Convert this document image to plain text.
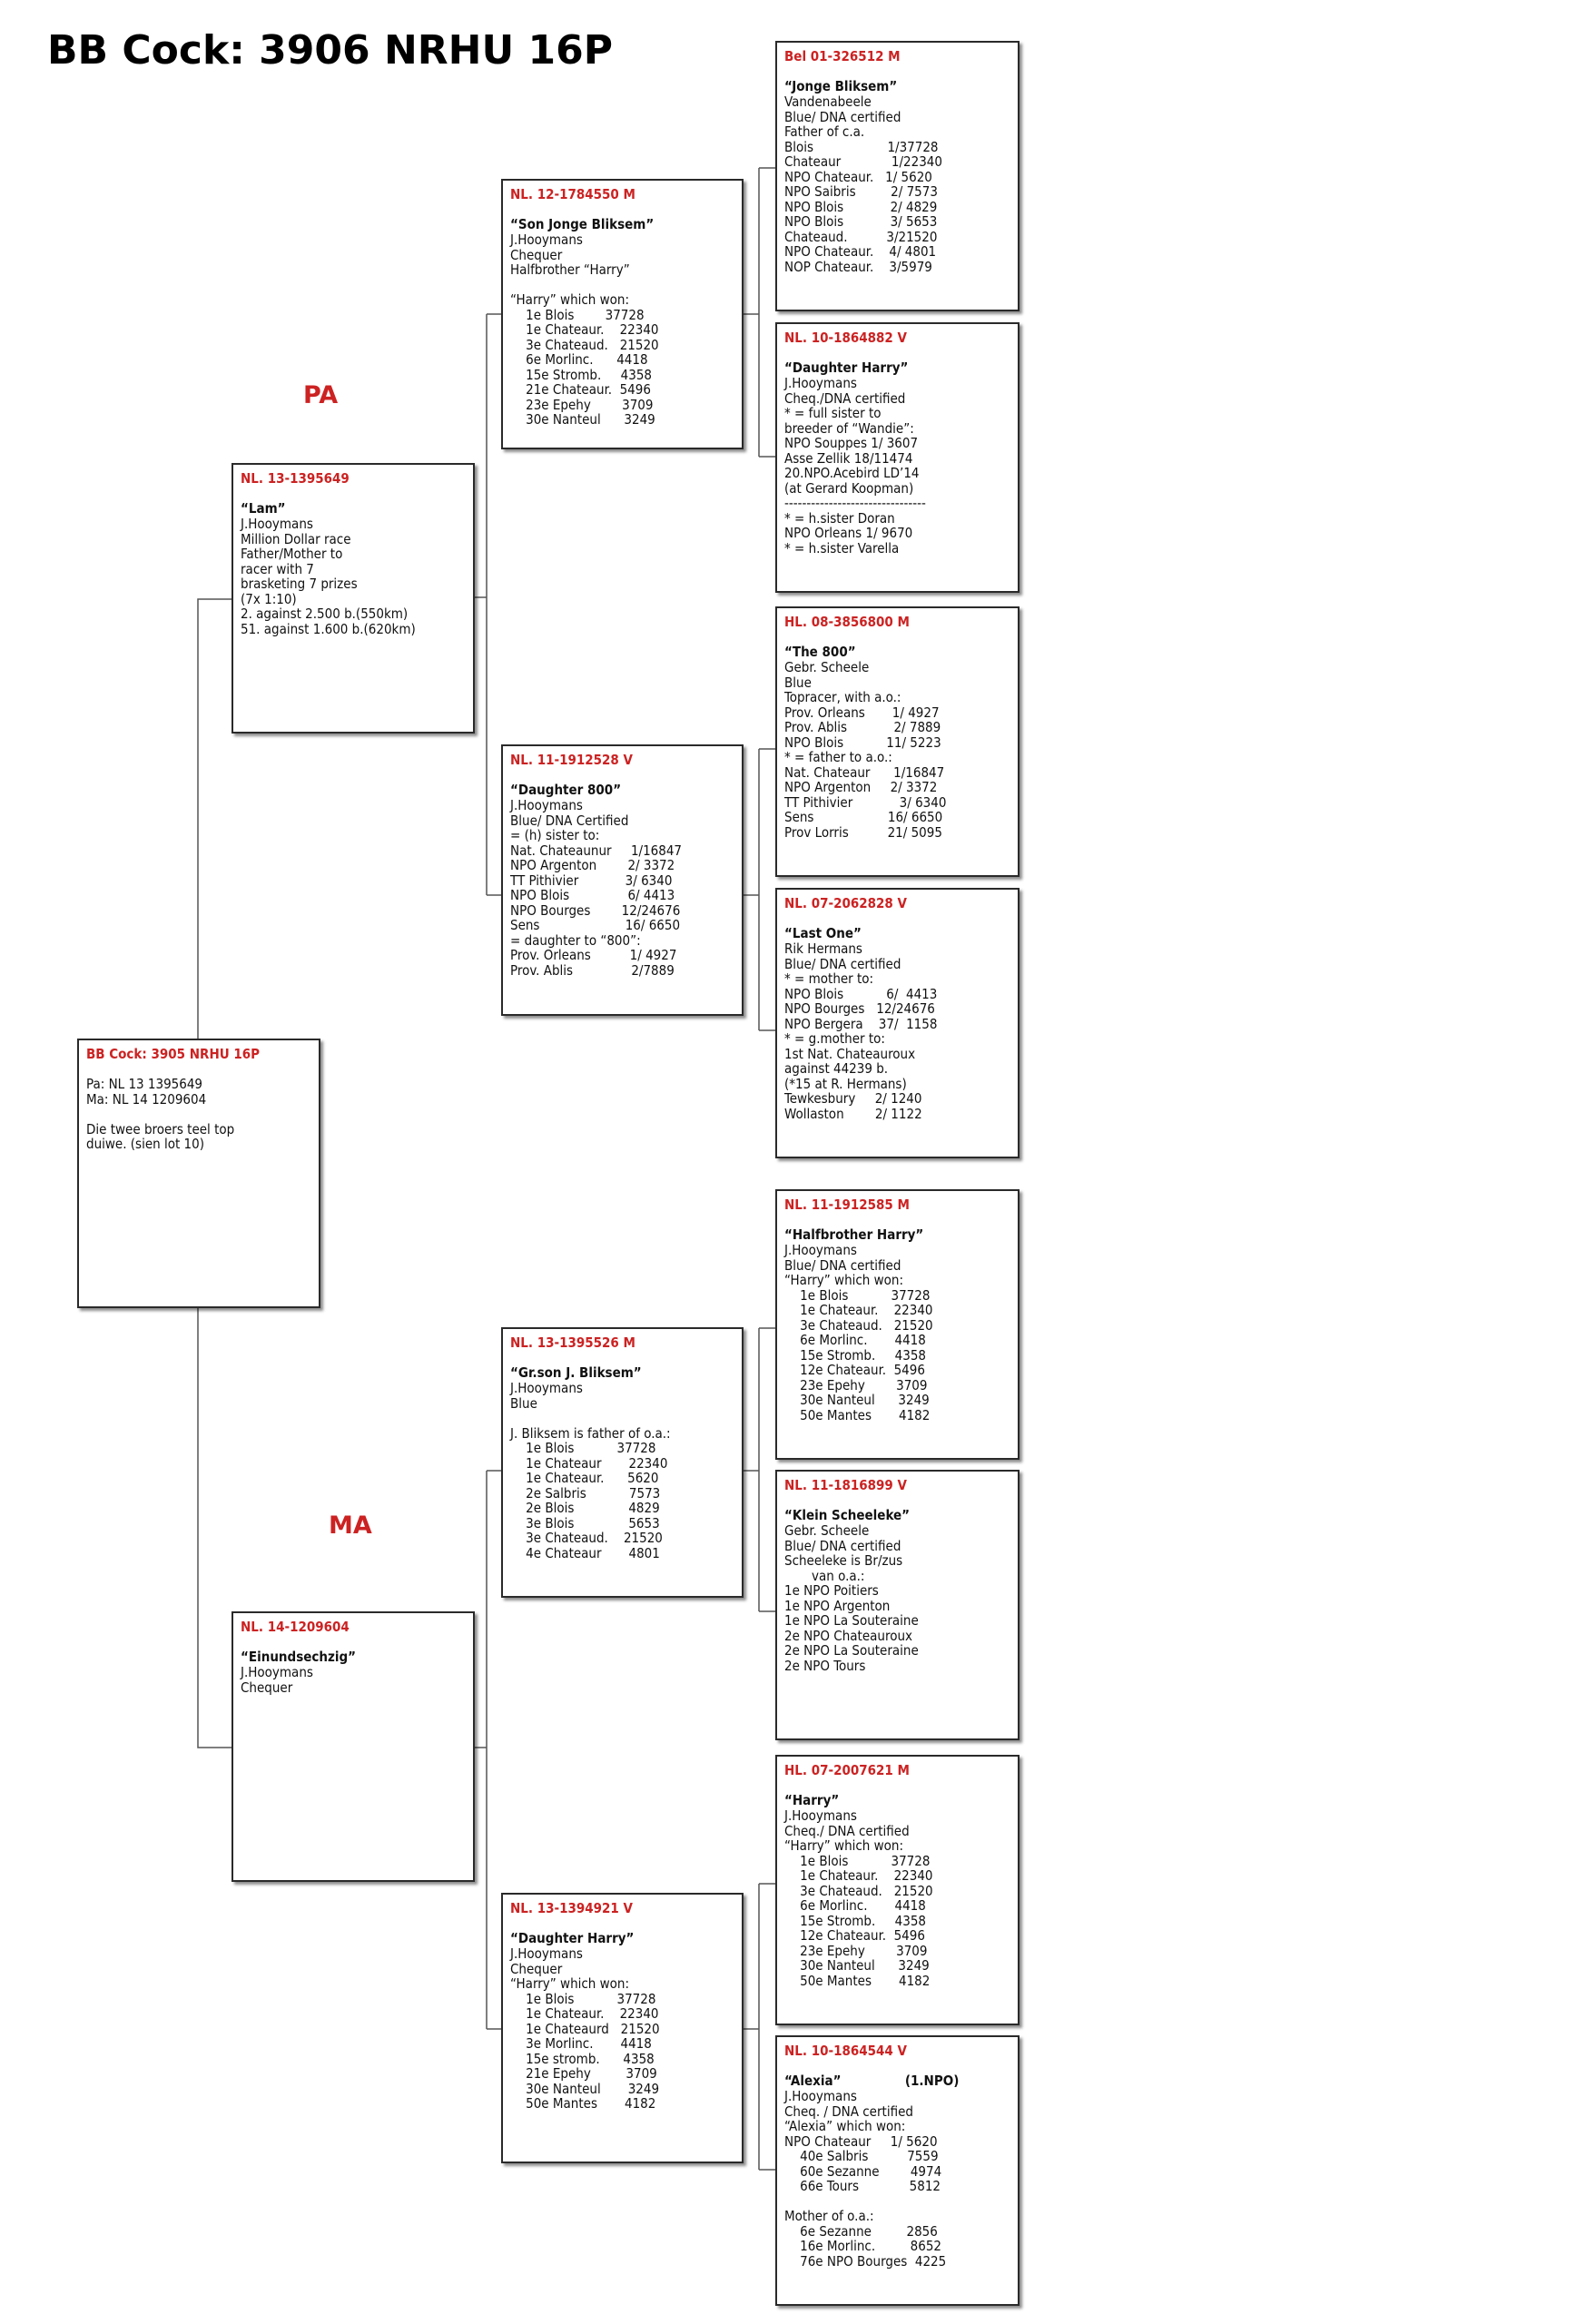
BB Cock: 3906 NRHU 16P
PA
MA
BB Cock: 3905 NRHU 16P
Pa: NL 13 1395649
Ma: NL 14 1209604

Die twee broers teel top
duiwe. (sien lot 10)
NL. 13-1395649
“Lam”
J.Hooymans
Million Dollar race
Father/Mother to
racer with 7
brasketing 7 prizes
(7x 1:10)
2. against 2.500 b.(550km)
51. against 1.600 b.(620km)
NL. 14-1209604
“Einundsechzig”
J.Hooymans
Chequer
NL. 12-1784550 M
“Son Jonge Bliksem”
J.Hooymans
Chequer
Halfbrother “Harry”

“Harry” which won:
1e Blois        37728
1e Chateaur.    22340
3e Chateaud.   21520
6e Morlinc.      4418
15e Stromb.     4358
21e Chateaur.  5496
23e Epehy        3709
30e Nanteul      3249
NL. 11-1912528 V
“Daughter 800”
J.Hooymans
Blue/ DNA Certified
= (h) sister to:
Nat. Chateaunur     1/16847
NPO Argenton        2/ 3372
TT Pithivier            3/ 6340
NPO Blois               6/ 4413
NPO Bourges        12/24676
Sens                      16/ 6650
= daughter to “800”:
Prov. Orleans          1/ 4927
Prov. Ablis               2/7889
NL. 13-1395526 M
“Gr.son J. Bliksem”
J.Hooymans
Blue

J. Bliksem is father of o.a.:
1e Blois           37728
1e Chateaur       22340
1e Chateaur.      5620
2e Salbris           7573
2e Blois              4829
3e Blois              5653
3e Chateaud.    21520
4e Chateaur       4801
NL. 13-1394921 V
“Daughter Harry”
J.Hooymans
Chequer
“Harry” which won:
1e Blois           37728
1e Chateaur.    22340
1e Chateaurd   21520
3e Morlinc.       4418
15e stromb.      4358
21e Epehy         3709
30e Nanteul       3249
50e Mantes       4182
Bel 01-326512 M
“Jonge Bliksem”
Vandenabeele
Blue/ DNA certified
Father of c.a.
Blois                   1/37728
Chateaur             1/22340
NPO Chateaur.   1/ 5620
NPO Saibris         2/ 7573
NPO Blois            2/ 4829
NPO Blois            3/ 5653
Chateaud.          3/21520
NPO Chateaur.    4/ 4801
NOP Chateaur.    3/5979
NL. 10-1864882 V
“Daughter Harry”
J.Hooymans
Cheq./DNA certified
* = full sister to
breeder of “Wandie”:
NPO Souppes 1/ 3607
Asse Zellik 18/11474
20.NPO.Acebird LD’14
(at Gerard Koopman)
--------------------------------
* = h.sister Doran
NPO Orleans 1/ 9670
* = h.sister Varella
HL. 08-3856800 M
“The 800”
Gebr. Scheele
Blue
Topracer, with a.o.:
Prov. Orleans       1/ 4927
Prov. Ablis            2/ 7889
NPO Blois           11/ 5223
* = father to a.o.:
Nat. Chateaur      1/16847
NPO Argenton     2/ 3372
TT Pithivier            3/ 6340
Sens                   16/ 6650
Prov Lorris          21/ 5095
NL. 07-2062828 V
“Last One”
Rik Hermans
Blue/ DNA certified
* = mother to:
NPO Blois           6/  4413
NPO Bourges   12/24676
NPO Bergera    37/  1158
* = g.mother to:
1st Nat. Chateauroux
against 44239 b.
(*15 at R. Hermans)
Tewkesbury     2/ 1240
Wollaston        2/ 1122
NL. 11-1912585 M
“Halfbrother Harry”
J.Hooymans
Blue/ DNA certified
“Harry” which won:
1e Blois           37728
1e Chateaur.    22340
3e Chateaud.   21520
6e Morlinc.       4418
15e Stromb.     4358
12e Chateaur.  5496
23e Epehy        3709
30e Nanteul      3249
50e Mantes       4182
NL. 11-1816899 V
“Klein Scheeleke”
Gebr. Scheele
Blue/ DNA certified
Scheeleke is Br/zus
van o.a.:
1e NPO Poitiers
1e NPO Argenton
1e NPO La Souteraine
2e NPO Chateauroux
2e NPO La Souteraine
2e NPO Tours
HL. 07-2007621 M
“Harry”
J.Hooymans
Cheq./ DNA certified
“Harry” which won:
1e Blois           37728
1e Chateaur.    22340
3e Chateaud.   21520
6e Morlinc.       4418
15e Stromb.     4358
12e Chateaur.  5496
23e Epehy        3709
30e Nanteul      3249
50e Mantes       4182
NL. 10-1864544 V
“Alexia”               (1.NPO)
J.Hooymans
Cheq. / DNA certified
“Alexia” which won:
NPO Chateaur     1/ 5620
40e Salbris          7559
60e Sezanne        4974
66e Tours             5812

Mother of o.a.:
6e Sezanne         2856
16e Morlinc.         8652
76e NPO Bourges  4225
